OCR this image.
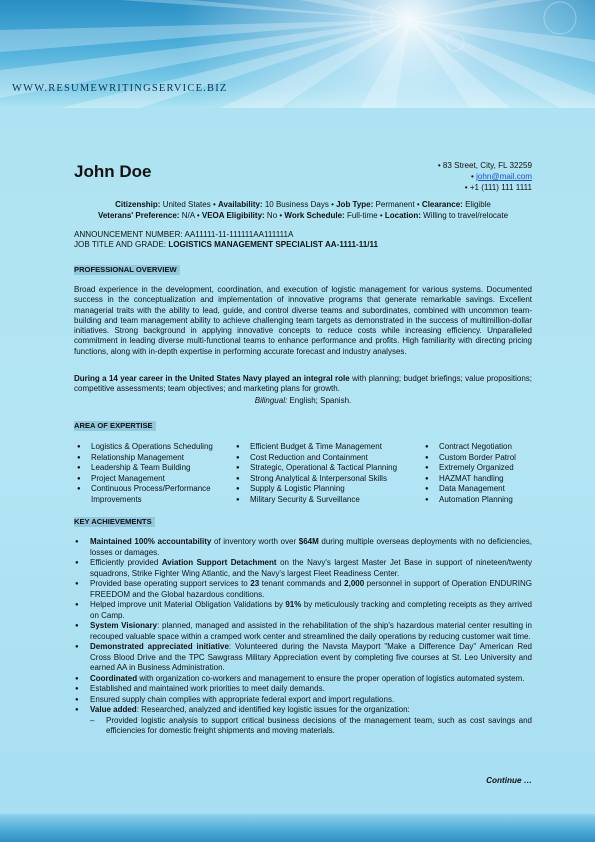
WWW.RESUMEWRITINGSERVICE.BIZ
John Doe	• 83 Street, City, FL 32259
• john@mail.com
• +1 (111) 111 1111
Citizenship: United States • Availability: 10 Business Days • Job Type: Permanent • Clearance: Eligible
Veterans' Preference: N/A • VEOA Eligibility: No • Work Schedule: Full-time • Location: Willing to travel/relocate
ANNOUNCEMENT NUMBER: AA11111-11-111111AA111111A
JOB TITLE AND GRADE: LOGISTICS MANAGEMENT SPECIALIST AA-1111-11/11
PROFESSIONAL OVERVIEW
Broad experience in the development, coordination, and execution of logistic management for various systems. Documented success in the conceptualization and implementation of innovative programs that generate remarkable savings. Excellent managerial traits with the ability to lead, guide, and control diverse teams and subordinates, combined with uncommon team-building and team management ability to achieve challenging team targets as demonstrated in the success of multimillion-dollar initiatives. Strong background in applying innovative concepts to reduce costs while increasing efficiency. Unparalleled commitment in leading diverse multi-functional teams to enhance performance and profits. High familiarity with directing pricing functions, along with in-depth expertise in performing accurate forecast and industry analyses.
During a 14 year career in the United States Navy played an integral role with planning; budget briefings; value propositions; competitive assessments; team objectives; and marketing plans for growth.
Bilingual: English; Spanish.
AREA OF EXPERTISE
● Logistics & Operations Scheduling
● Relationship Management
● Leadership & Team Building
● Project Management
● Continuous Process/Performance Improvements
● Efficient Budget & Time Management
● Cost Reduction and Containment
● Strategic, Operational & Tactical Planning
● Strong Analytical & Interpersonal Skills
● Supply & Logistic Planning
● Military Security & Surveillance
● Contract Negotiation
● Custom Border Patrol
● Extremely Organized
● HAZMAT handling
● Data Management
● Automation Planning
KEY ACHIEVEMENTS
● Maintained 100% accountability of inventory worth over $64M during multiple overseas deployments with no deficiencies, losses or damages.
● Efficiently provided Aviation Support Detachment on the Navy's largest Master Jet Base in support of nineteen/twenty squadrons, Strike Fighter Wing Atlantic, and the Navy's largest Fleet Readiness Center.
● Provided base operating support services to 23 tenant commands and 2,000 personnel in support of Operation ENDURING FREEDOM and the Global hazardous conditions.
● Helped improve unit Material Obligation Validations by 91% by meticulously tracking and completing receipts as they arrived on Camp.
● System Visionary: planned, managed and assisted in the rehabilitation of the ship's hazardous material center resulting in recouped valuable space within a cramped work center and streamlined the daily operations by reducing customer wait time.
● Demonstrated appreciated initiative: Volunteered during the Navsta Mayport "Make a Difference Day" American Red Cross Blood Drive and the TPC Sawgrass Military Appreciation event by completing five courses at St. Leo University and earned AA in Business Administration.
● Coordinated with organization co-workers and management to ensure the proper operation of logistics automated system.
● Established and maintained work priorities to meet daily demands.
● Ensured supply chain complies with appropriate federal export and import regulations.
● Value added: Researched, analyzed and identified key logistic issues for the organization:
– Provided logistic analysis to support critical business decisions of the management team, such as cost savings and efficiencies for domestic freight shipments and moving materials.
Continue …
